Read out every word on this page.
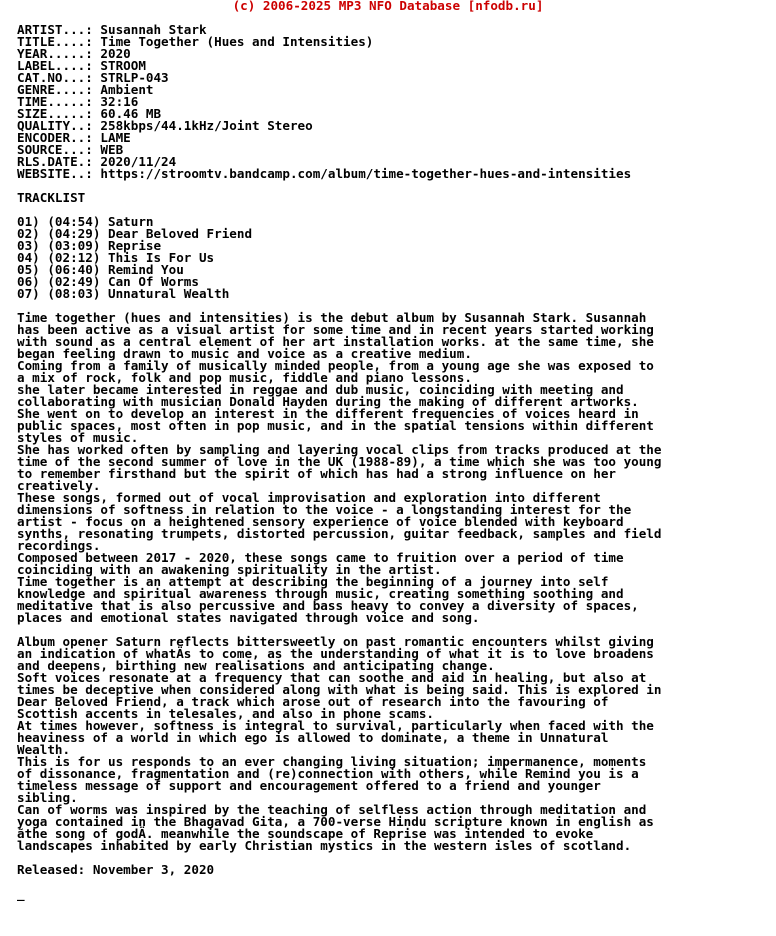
(c) 2006-2025 MP3 NFO Database [nfodb.ru]
ARTIST...: Susannah Stark
TITLE....: Time Together (Hues and Intensities)
YEAR.....: 2020
LABEL....: STROOM
CAT.NO...: STRLP-043
GENRE....: Ambient
TIME.....: 32:16
SIZE.....: 60.46 MB
QUALITY..: 258kbps/44.1kHz/Joint Stereo
ENCODER..: LAME
SOURCE...: WEB
RLS.DATE.: 2020/11/24
WEBSITE..: https://stroomtv.bandcamp.com/album/time-together-hues-and-intensities
TRACKLIST
01) (04:54) Saturn
02) (04:29) Dear Beloved Friend
03) (03:09) Reprise
04) (02:12) This Is For Us
05) (06:40) Remind You
06) (02:49) Can Of Worms
07) (08:03) Unnatural Wealth
Time together (hues and intensities) is the debut album by Susannah Stark. Susannah
has been active as a visual artist for some time and in recent years started working
with sound as a central element of her art installation works. at the same time, she
began feeling drawn to music and voice as a creative medium.
Coming from a family of musically minded people, from a young age she was exposed to
a mix of rock, folk and pop music, fiddle and piano lessons.
she later became interested in reggae and dub music, coinciding with meeting and
collaborating with musician Donald Hayden during the making of different artworks.
She went on to develop an interest in the different frequencies of voices heard in
public spaces, most often in pop music, and in the spatial tensions within different
styles of music.
She has worked often by sampling and layering vocal clips from tracks produced at the
time of the second summer of love in the UK (1988-89), a time which she was too young
to remember firsthand but the spirit of which has had a strong influence on her
creatively.
These songs, formed out of vocal improvisation and exploration into different
dimensions of softness in relation to the voice - a longstanding interest for the
artist - focus on a heightened sensory experience of voice blended with keyboard
synths, resonating trumpets, distorted percussion, guitar feedback, samples and field
recordings.
Composed between 2017 - 2020, these songs came to fruition over a period of time
coinciding with an awakening spirituality in the artist.
Time together is an attempt at describing the beginning of a journey into self
knowledge and spiritual awareness through music, creating something soothing and
meditative that is also percussive and bass heavy to convey a diversity of spaces,
places and emotional states navigated through voice and song.
Album opener Saturn reflects bittersweetly on past romantic encounters whilst giving
an indication of whatÄs to come, as the understanding of what it is to love broadens
and deepens, birthing new realisations and anticipating change.
Soft voices resonate at a frequency that can soothe and aid in healing, but also at
times be deceptive when considered along with what is being said. This is explored in
Dear Beloved Friend, a track which arose out of research into the favouring of
Scottish accents in telesales, and also in phone scams.
At times however, softness is integral to survival, particularly when faced with the
heaviness of a world in which ego is allowed to dominate, a theme in Unnatural
Wealth.
This is for us responds to an ever changing living situation; impermanence, moments
of dissonance, fragmentation and (re)connection with others, while Remind you is a
timeless message of support and encouragement offered to a friend and younger
sibling.
Can of worms was inspired by the teaching of selfless action through meditation and
yoga contained in the Bhagavad Gita, a 700-verse Hindu scripture known in english as
ãthe song of godÄ. meanwhile the soundscape of Reprise was intended to evoke
landscapes inhabited by early Christian mystics in the western isles of scotland.
Released: November 3, 2020
_
